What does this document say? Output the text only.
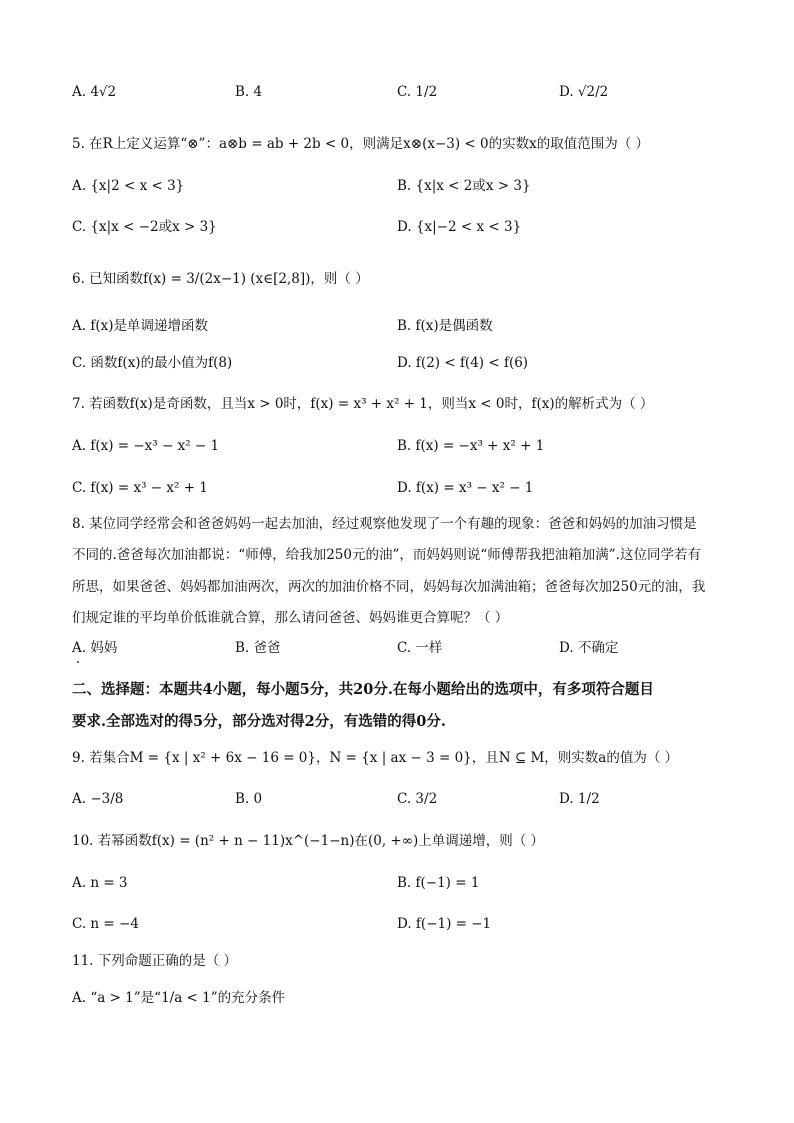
A. 4√2	B. 4	C. 1/2	D. √2/2
5. 在R上定义运算“⊗”：a⊗b = ab + 2b < 0，则满足x⊗(x−3) < 0的实数x的取值范围为（ ）
A. {x|2 < x < 3}	B. {x|x < 2或x > 3}
C. {x|x < −2或x > 3}	D. {x|−2 < x < 3}
6. 已知函数f(x) = 3/(2x−1) (x∈[2,8])，则（ ）
A. f(x)是单调递增函数	B. f(x)是偶函数
C. 函数f(x)的最小值为f(8)	D. f(2) < f(4) < f(6)
7. 若函数f(x)是奇函数，且当x > 0时，f(x) = x³ + x² + 1，则当x < 0时，f(x)的解析式为（ ）
A. f(x) = −x³ − x² − 1	B. f(x) = −x³ + x² + 1
C. f(x) = x³ − x² + 1	D. f(x) = x³ − x² − 1
8. 某位同学经常会和爸爸妈妈一起去加油，经过观察他发现了一个有趣的现象：爸爸和妈妈的加油习惯是
不同的.爸爸每次加油都说：“师傅，给我加250元的油”，而妈妈则说“师傅帮我把油箱加满”.这位同学若有
所思，如果爸爸、妈妈都加油两次，两次的加油价格不同，妈妈每次加满油箱；爸爸每次加250元的油，我
们规定谁的平均单价低谁就合算，那么请问爸爸、妈妈谁更合算呢？（ ）
A. 妈妈	B. 爸爸	C. 一样	D. 不确定
二、选择题：本题共4小题，每小题5分，共20分.在每小题给出的选项中，有多项符合题目
要求.全部选对的得5分，部分选对得2分，有选错的得0分.
9. 若集合M = {x | x² + 6x − 16 = 0}，N = {x | ax − 3 = 0}，且N ⊆ M，则实数a的值为（ ）
A. −3/8	B. 0	C. 3/2	D. 1/2
10. 若幂函数f(x) = (n² + n − 11)x^(−1−n)在(0, +∞)上单调递增，则（ ）
A. n = 3	B. f(−1) = 1
C. n = −4	D. f(−1) = −1
11. 下列命题正确的是（ ）
A. “a > 1”是“1/a < 1”的充分条件
